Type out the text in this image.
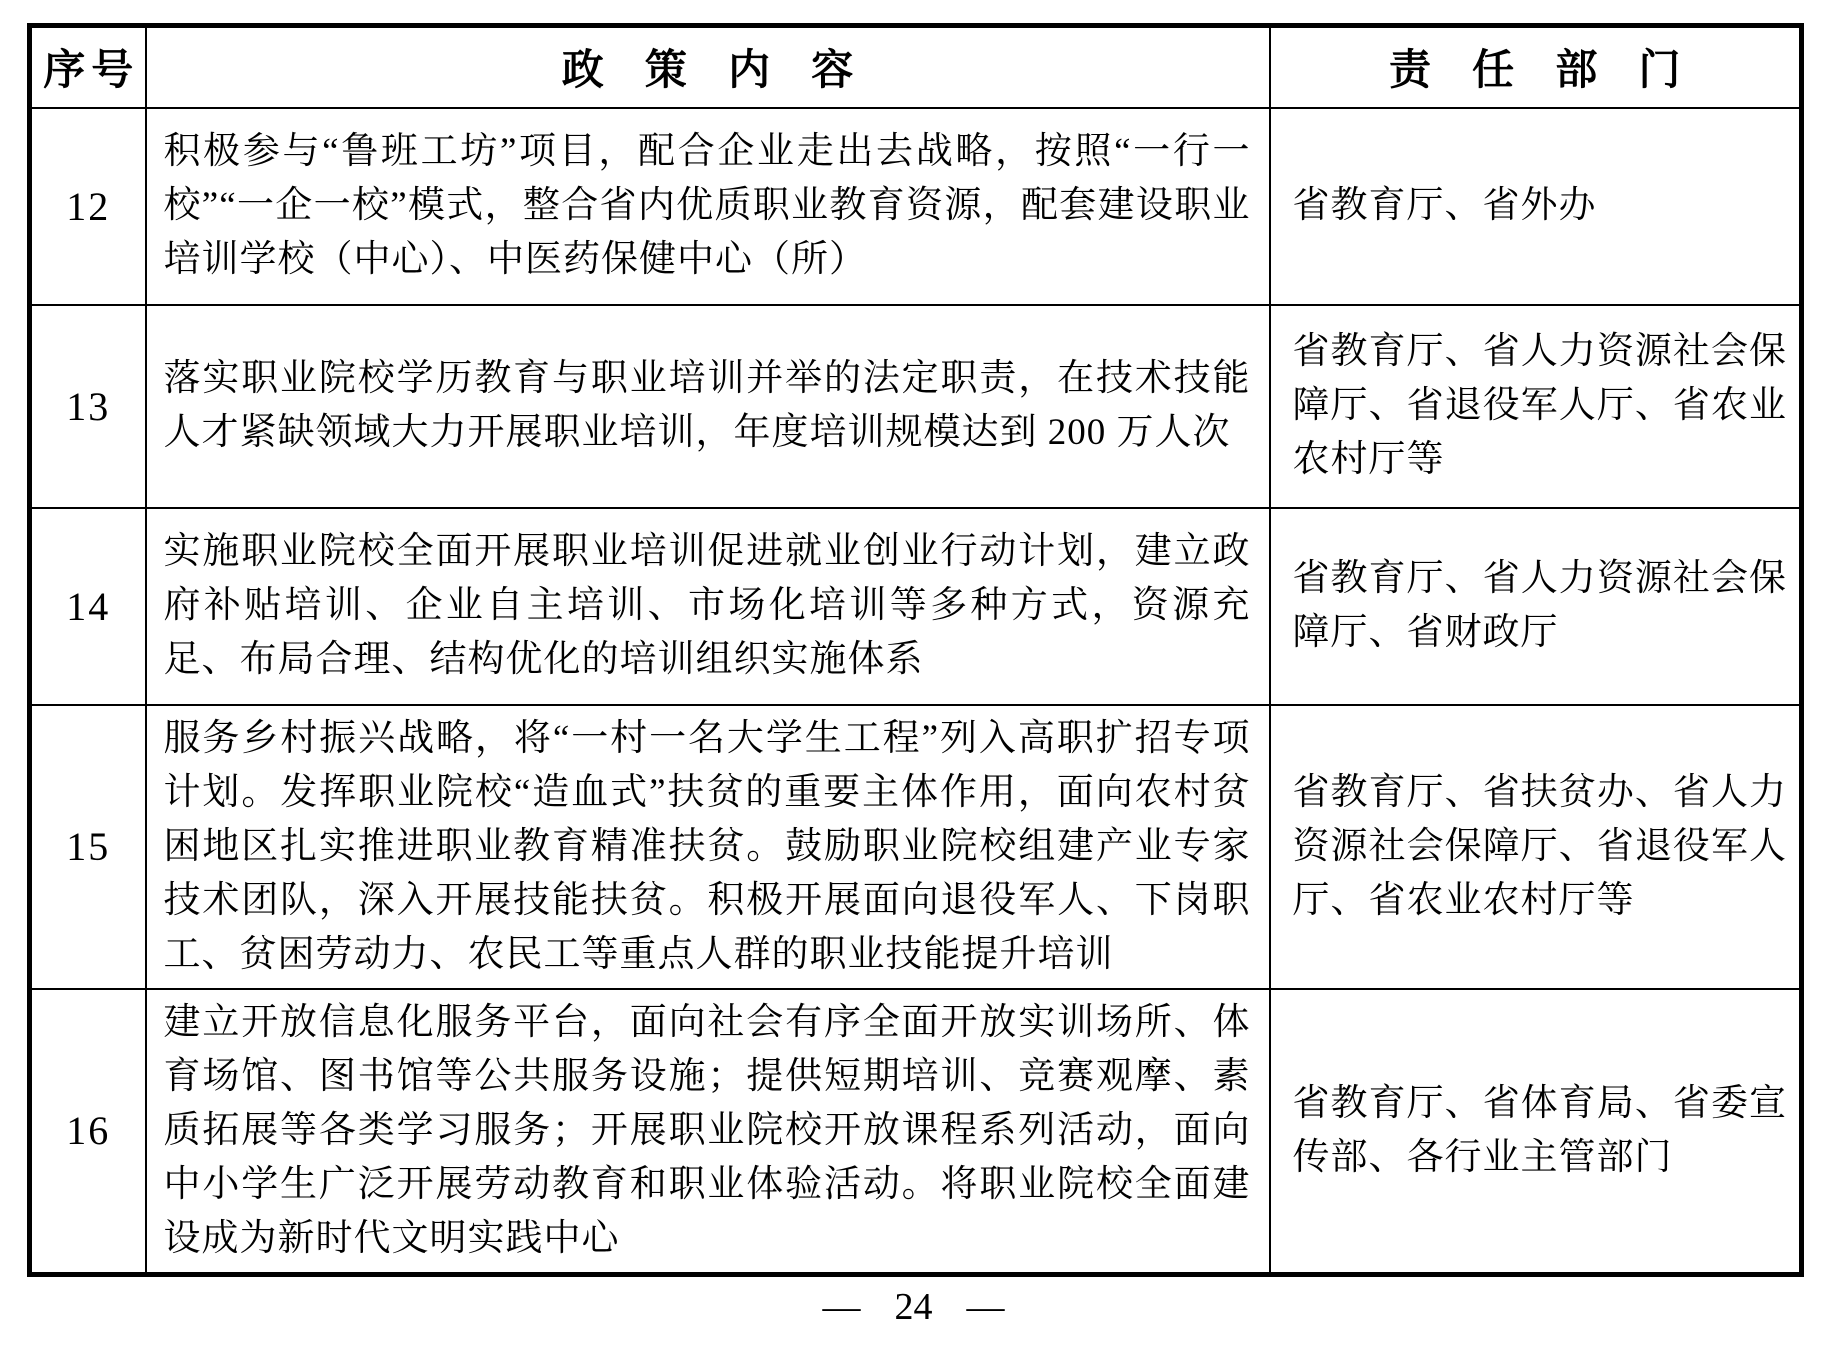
序号	政策内容	责任部门
12	积极参与“鲁班工坊”项目，配合企业走出去战略，按照“一行一校”“一企一校”模式，整合省内优质职业教育资源，配套建设职业培训学校（中心）、中医药保健中心（所）	省教育厅、省外办
13	落实职业院校学历教育与职业培训并举的法定职责，在技术技能人才紧缺领域大力开展职业培训，年度培训规模达到 200 万人次	省教育厅、省人力资源社会保障厅、省退役军人厅、省农业农村厅等
14	实施职业院校全面开展职业培训促进就业创业行动计划，建立政府补贴培训、企业自主培训、市场化培训等多种方式，资源充足、布局合理、结构优化的培训组织实施体系	省教育厅、省人力资源社会保障厅、省财政厅
15	服务乡村振兴战略，将“一村一名大学生工程”列入高职扩招专项计划。发挥职业院校“造血式”扶贫的重要主体作用，面向农村贫困地区扎实推进职业教育精准扶贫。鼓励职业院校组建产业专家技术团队，深入开展技能扶贫。积极开展面向退役军人、下岗职工、贫困劳动力、农民工等重点人群的职业技能提升培训	省教育厅、省扶贫办、省人力资源社会保障厅、省退役军人厅、省农业农村厅等
16	建立开放信息化服务平台，面向社会有序全面开放实训场所、体育场馆、图书馆等公共服务设施；提供短期培训、竞赛观摩、素质拓展等各类学习服务；开展职业院校开放课程系列活动，面向中小学生广泛开展劳动教育和职业体验活动。将职业院校全面建设成为新时代文明实践中心	省教育厅、省体育局、省委宣传部、各行业主管部门
— 24 —
